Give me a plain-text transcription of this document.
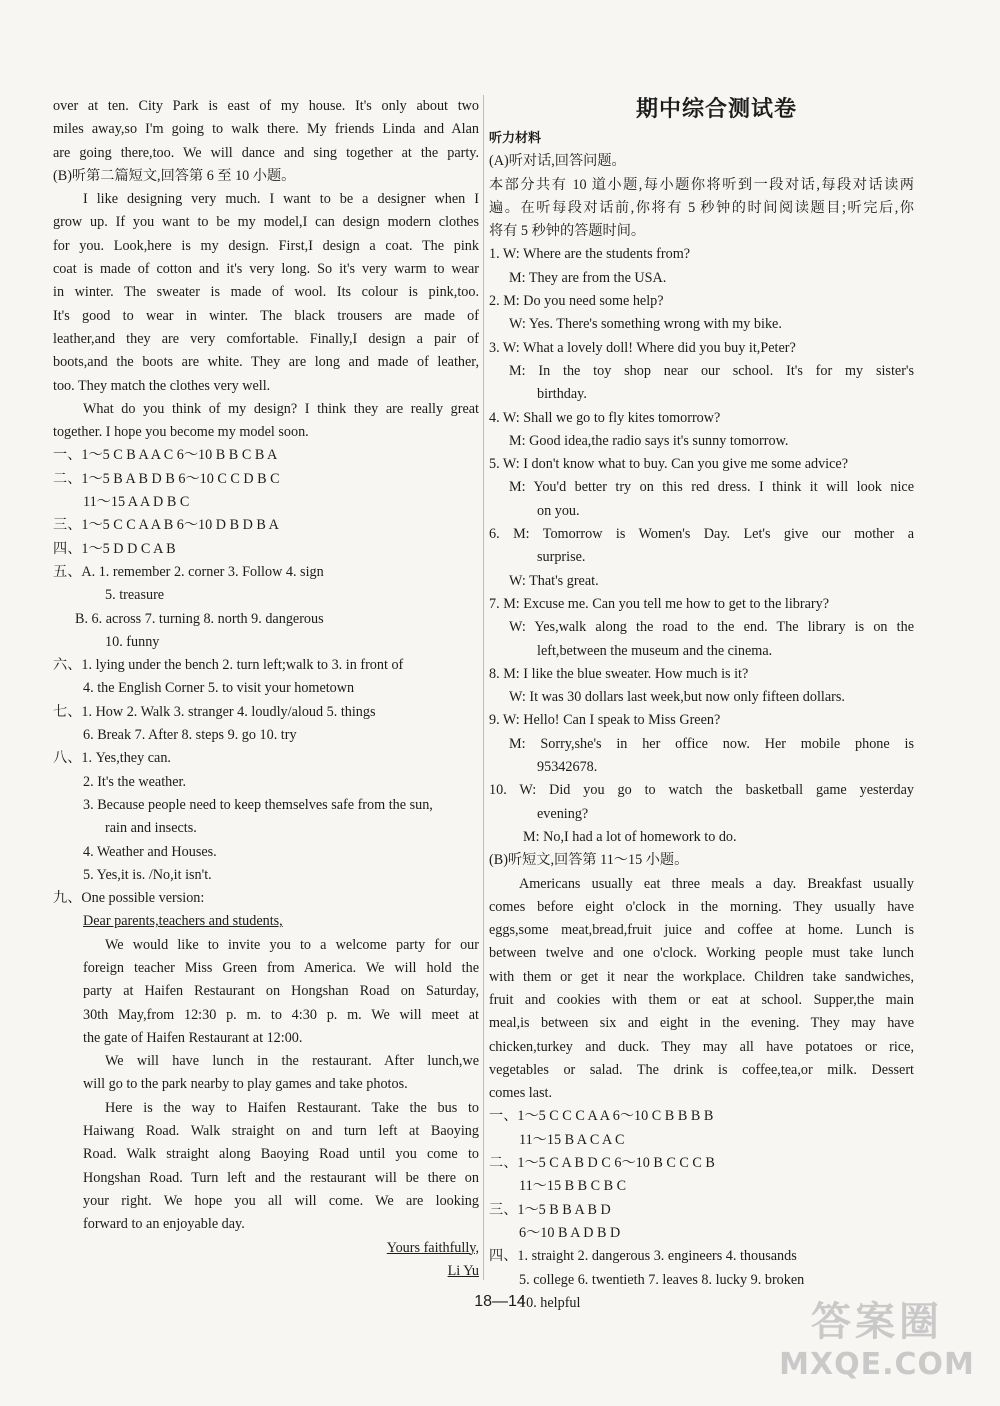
over at ten. City Park is east of my house. It's only about two
miles away,so I'm going to walk there. My friends Linda and Alan
are going there,too. We will dance and sing together at the party.
(B)听第二篇短文,回答第 6 至 10 小题。
I like designing very much. I want to be a designer when I
grow up. If you want to be my model,I can design modern clothes
for you. Look,here is my design. First,I design a coat. The pink
coat is made of cotton and it's very long. So it's very warm to wear
in winter. The sweater is made of wool. Its colour is pink,too.
It's good to wear in winter. The black trousers are made of
leather,and they are very comfortable. Finally,I design a pair of
boots,and the boots are white. They are long and made of leather,
too. They match the clothes very well.
What do you think of my design? I think they are really great
together. I hope you become my model soon.
一、1～5 C B A A C 6～10 B B C B A
二、1～5 B A B D B 6～10 C C D B C
11～15 A A D B C
三、1～5 C C A A B 6～10 D B D B A
四、1～5 D D C A B
五、A. 1. remember 2. corner 3. Follow 4. sign
5. treasure
B. 6. across 7. turning 8. north 9. dangerous
10. funny
六、1. lying under the bench 2. turn left;walk to 3. in front of
4. the English Corner 5. to visit your hometown
七、1. How 2. Walk 3. stranger 4. loudly/aloud 5. things
6. Break 7. After 8. steps 9. go 10. try
八、1. Yes,they can.
2. It's the weather.
3. Because people need to keep themselves safe from the sun,
rain and insects.
4. Weather and Houses.
5. Yes,it is. /No,it isn't.
九、One possible version:
Dear parents,teachers and students,
We would like to invite you to a welcome party for our
foreign teacher Miss Green from America. We will hold the
party at Haifen Restaurant on Hongshan Road on Saturday,
30th May,from 12:30 p. m. to 4:30 p. m. We will meet at
the gate of Haifen Restaurant at 12:00.
We will have lunch in the restaurant. After lunch,we
will go to the park nearby to play games and take photos.
Here is the way to Haifen Restaurant. Take the bus to
Haiwang Road. Walk straight on and turn left at Baoying
Road. Walk straight along Baoying Road until you come to
Hongshan Road. Turn left and the restaurant will be there on
your right. We hope you all will come. We are looking
forward to an enjoyable day.
Yours faithfully,
Li Yu
期中综合测试卷
听力材料
(A)听对话,回答问题。
本部分共有 10 道小题,每小题你将听到一段对话,每段对话读两
遍。在听每段对话前,你将有 5 秒钟的时间阅读题目;听完后,你
将有 5 秒钟的答题时间。
1. W: Where are the students from?
M: They are from the USA.
2. M: Do you need some help?
W: Yes. There's something wrong with my bike.
3. W: What a lovely doll! Where did you buy it,Peter?
M: In the toy shop near our school. It's for my sister's
birthday.
4. W: Shall we go to fly kites tomorrow?
M: Good idea,the radio says it's sunny tomorrow.
5. W: I don't know what to buy. Can you give me some advice?
M: You'd better try on this red dress. I think it will look nice
on you.
6. M: Tomorrow is Women's Day. Let's give our mother a
surprise.
W: That's great.
7. M: Excuse me. Can you tell me how to get to the library?
W: Yes,walk along the road to the end. The library is on the
left,between the museum and the cinema.
8. M: I like the blue sweater. How much is it?
W: It was 30 dollars last week,but now only fifteen dollars.
9. W: Hello! Can I speak to Miss Green?
M: Sorry,she's in her office now. Her mobile phone is
95342678.
10. W: Did you go to watch the basketball game yesterday
evening?
M: No,I had a lot of homework to do.
(B)听短文,回答第 11～15 小题。
Americans usually eat three meals a day. Breakfast usually
comes before eight o'clock in the morning. They usually have
eggs,some meat,bread,fruit juice and coffee at home. Lunch is
between twelve and one o'clock. Working people must take lunch
with them or get it near the workplace. Children take sandwiches,
fruit and cookies with them or eat at school. Supper,the main
meal,is between six and eight in the evening. They may have
chicken,turkey and duck. They may all have potatoes or rice,
vegetables or salad. The drink is coffee,tea,or milk. Dessert
comes last.
一、1～5 C C C A A 6～10 C B B B B
11～15 B A C A C
二、1～5 C A B D C 6～10 B C C C B
11～15 B B C B C
三、1～5 B B A B D
6～10 B A D B D
四、1. straight 2. dangerous 3. engineers 4. thousands
5. college 6. twentieth 7. leaves 8. lucky 9. broken
10. helpful
18—14	答案圈
MXQE.COM
